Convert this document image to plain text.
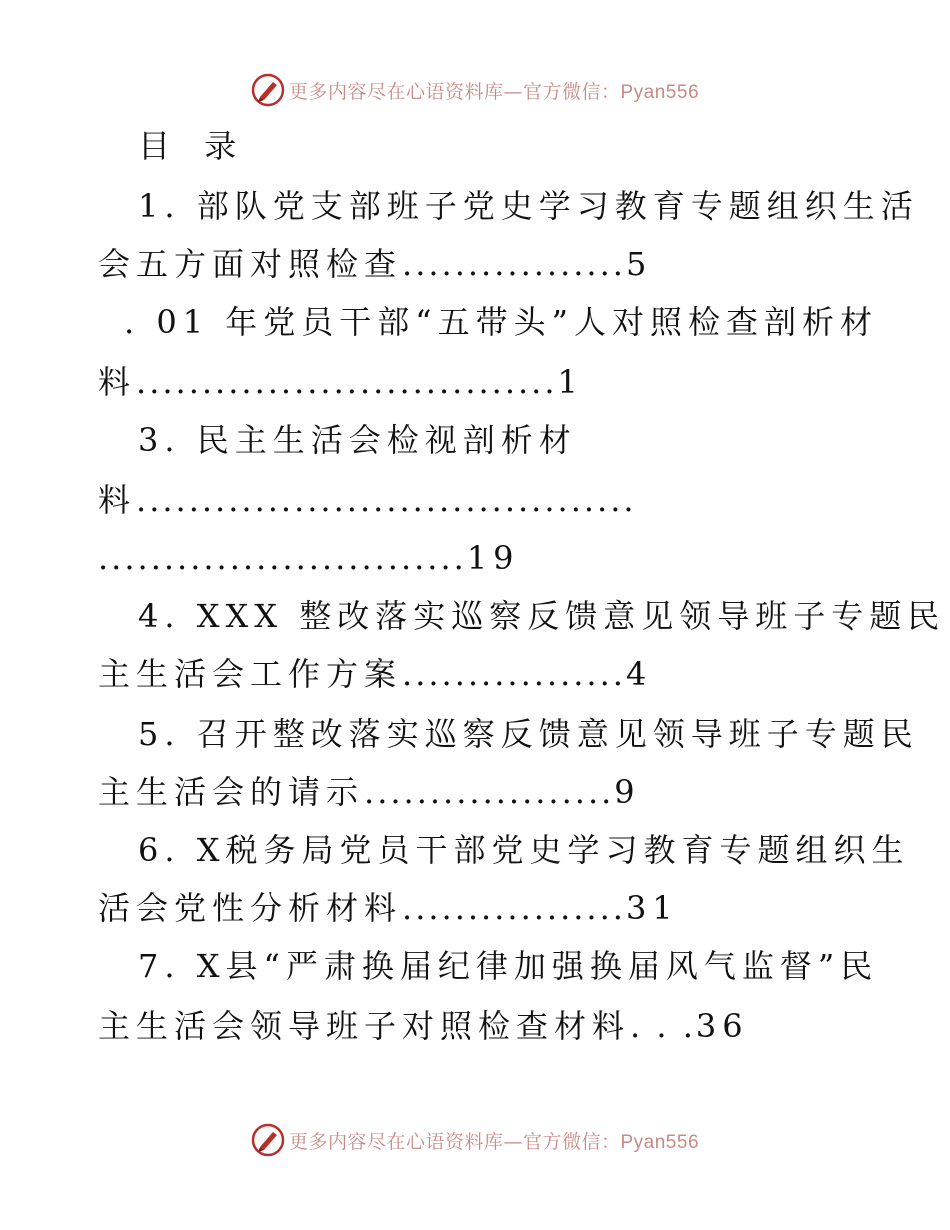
更多内容尽在心语资料库—官方微信：Pyan556
目 录
1. 部队党支部班子党史学习教育专题组织生活
会五方面对照检查.................5
. 01 年党员干部“五带头”人对照检查剖析材
料................................1
3. 民主生活会检视剖析材
料......................................
............................19
4. XXX 整改落实巡察反馈意见领导班子专题民
主生活会工作方案.................4
5. 召开整改落实巡察反馈意见领导班子专题民
主生活会的请示...................9
6. X税务局党员干部党史学习教育专题组织生
活会党性分析材料.................31
7. X县“严肃换届纪律加强换届风气监督”民
主生活会领导班子对照检查材料. . .36
更多内容尽在心语资料库—官方微信：Pyan556
